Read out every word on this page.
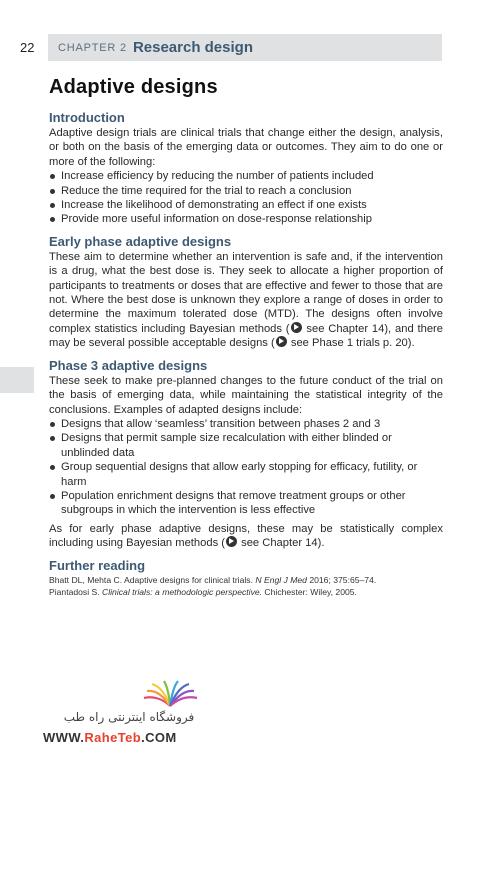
22 CHAPTER 2 Research design
Adaptive designs
Introduction

Adaptive design trials are clinical trials that change either the design, analysis, or both on the basis of the emerging data or outcomes. They aim to do one or more of the following:

Increase efficiency by reducing the number of patients included
Reduce the time required for the trial to reach a conclusion
Increase the likelihood of demonstrating an effect if one exists
Provide more useful information on dose-response relationship
Early phase adaptive designs

These aim to determine whether an intervention is safe and, if the intervention is a drug, what the best dose is. They seek to allocate a higher proportion of participants to treatments or doses that are effective and fewer to those that are not. Where the best dose is unknown they explore a range of doses in order to determine the maximum tolerated dose (MTD). The designs often involve complex statistics including Bayesian methods ( see Chapter 14), and there may be several possible acceptable designs ( see Phase 1 trials p. 20).

Phase 3 adaptive designs

These seek to make pre-planned changes to the future conduct of the trial on the basis of emerging data, while maintaining the statistical integrity of the conclusions. Examples of adapted designs include:

Designs that allow ‘seamless’ transition between phases 2 and 3
Designs that permit sample size recalculation with either blinded or unblinded data
Group sequential designs that allow early stopping for efficacy, futility, or harm
Population enrichment designs that remove treatment groups or other subgroups in which the intervention is less effective

As for early phase adaptive designs, these may be statistically complex including using Bayesian methods ( see Chapter 14).

Further reading

Bhatt DL, Mehta C. Adaptive designs for clinical trials. N Engl J Med 2016; 375:65–74.

Piantadosi S. Clinical trials: a methodologic perspective. Chichester: Wiley, 2005.

فروشگاه اینترنتی راه طب
WWW.RaheTeb.COM
